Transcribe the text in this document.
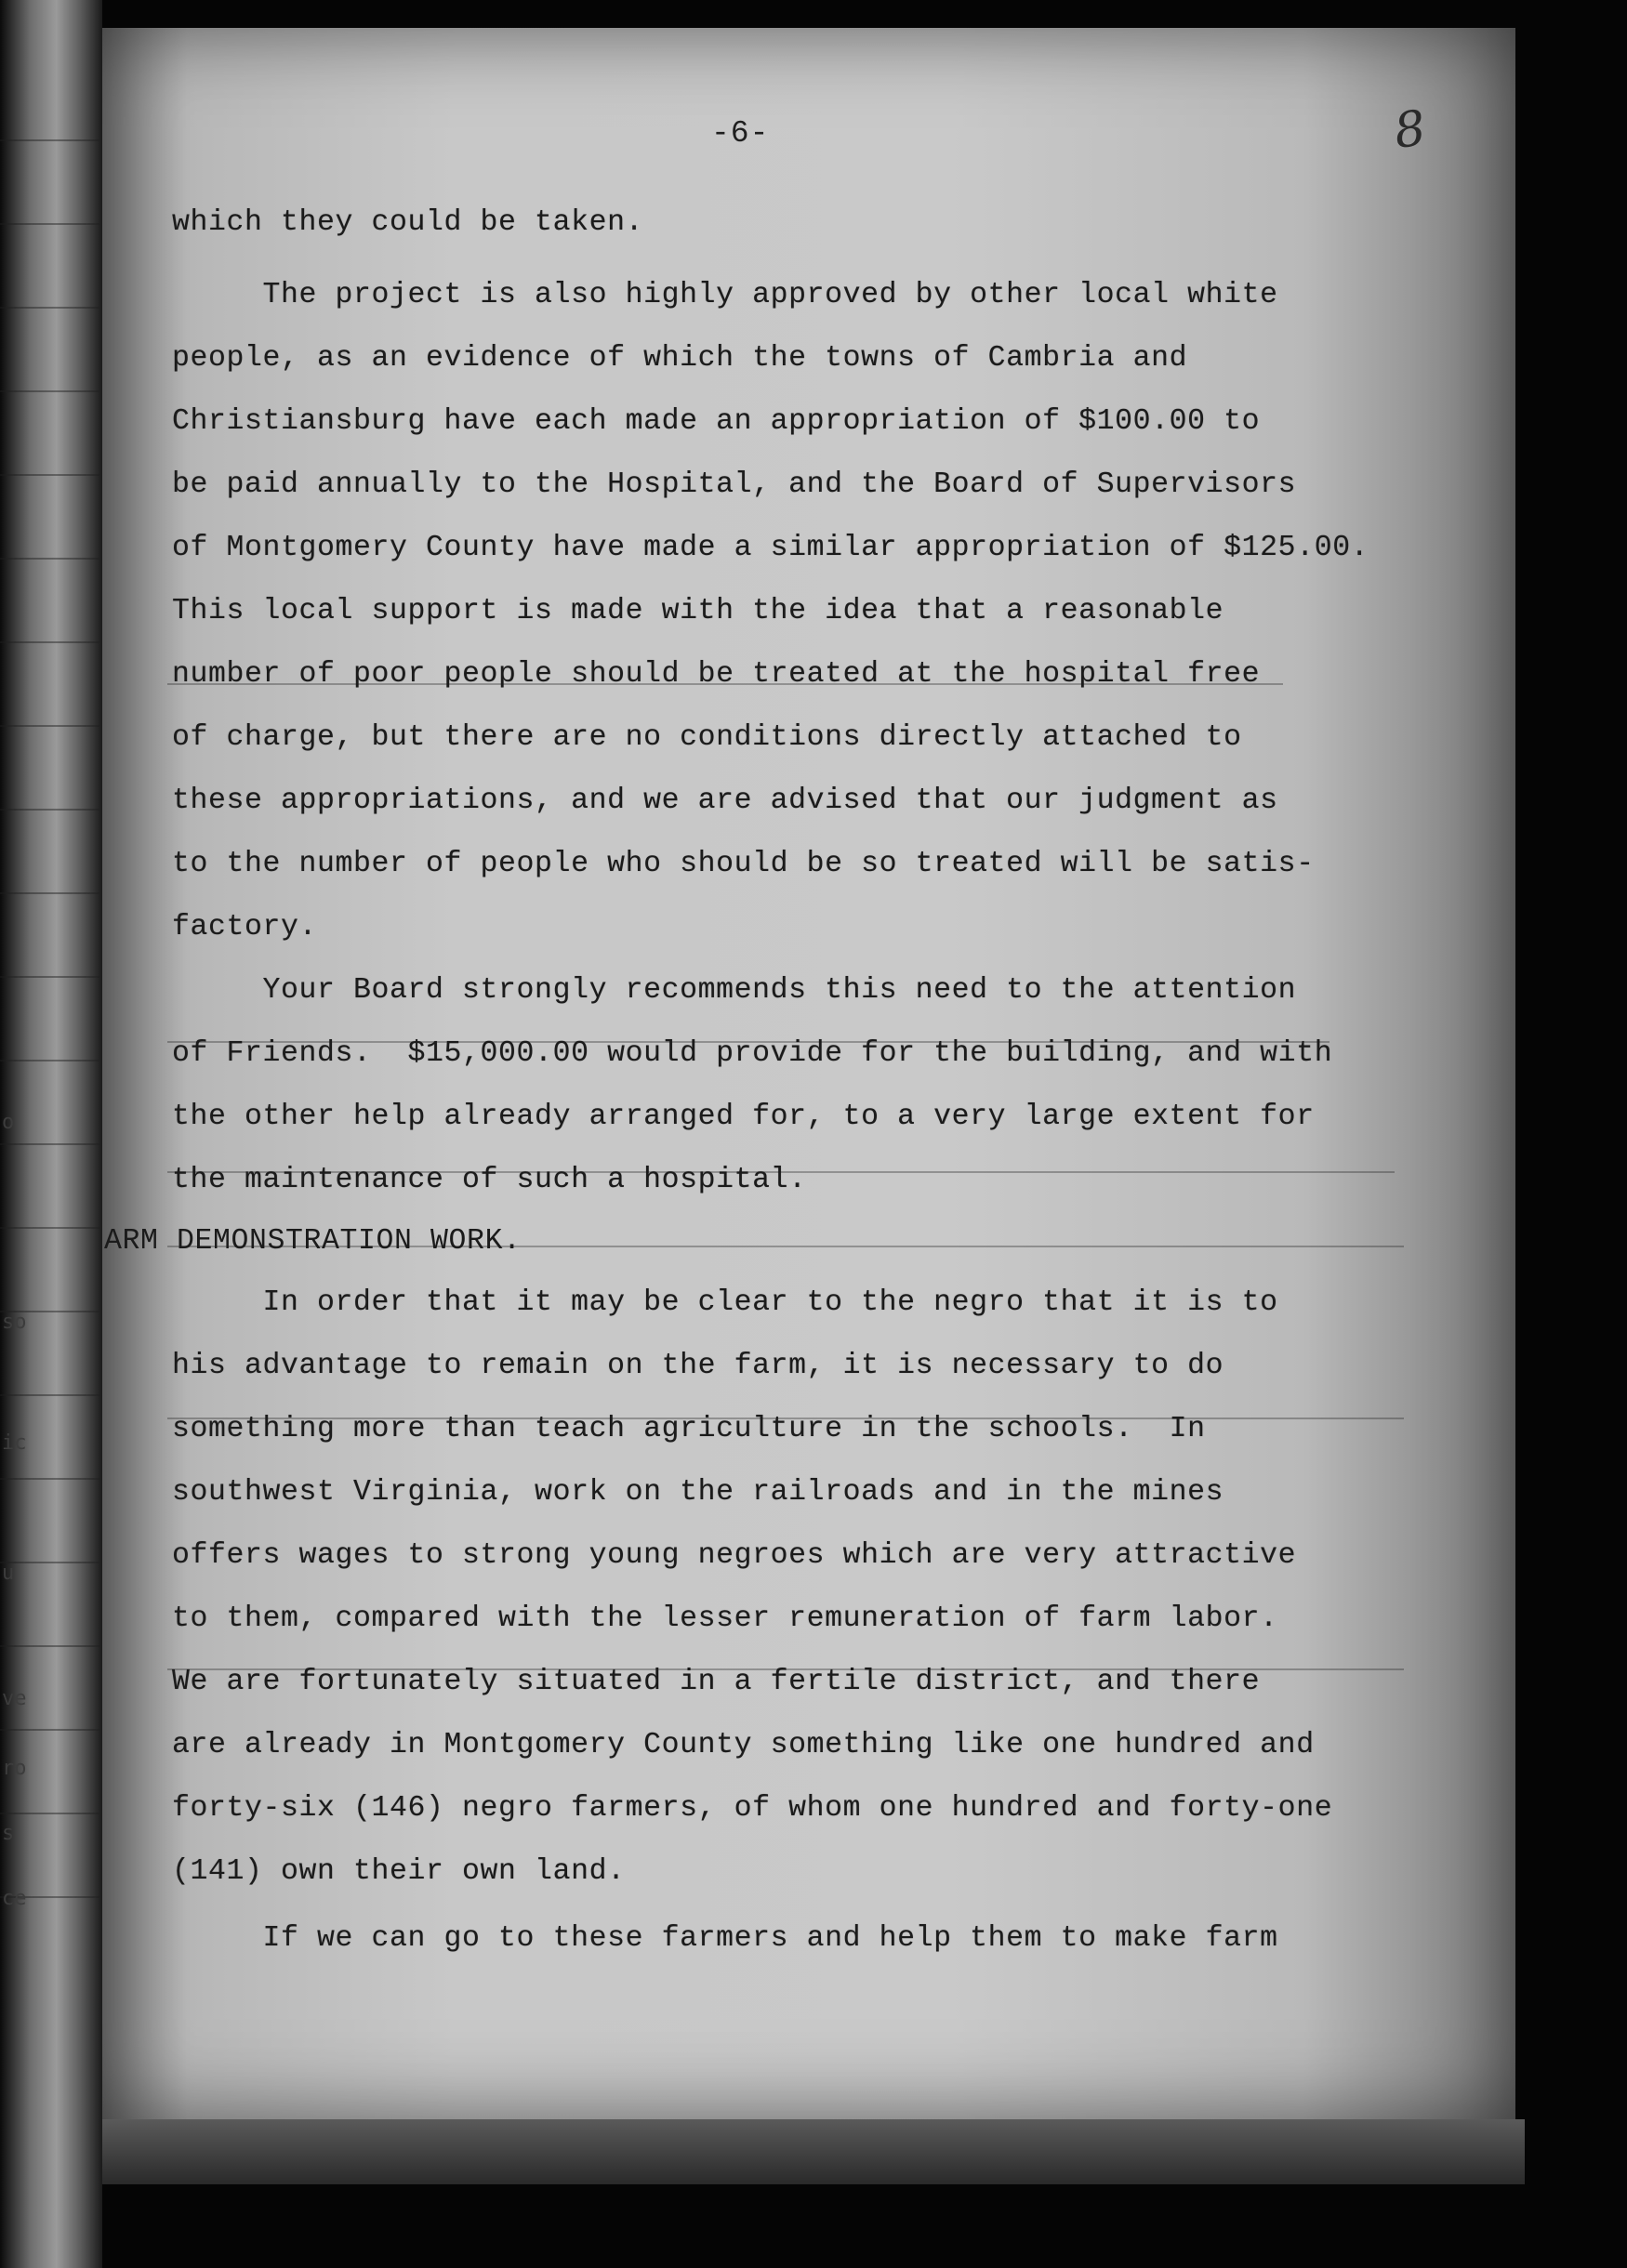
o
so
ic
u
ve
ro
s
ce
-6-	8
which they could be taken.
The project is also highly approved by other local white
people, as an evidence of which the towns of Cambria and
Christiansburg have each made an appropriation of $100.00 to
be paid annually to the Hospital, and the Board of Supervisors
of Montgomery County have made a similar appropriation of $125.00.
This local support is made with the idea that a reasonable
number of poor people should be treated at the hospital free
of charge, but there are no conditions directly attached to
these appropriations, and we are advised that our judgment as
to the number of people who should be so treated will be satis-
factory.
Your Board strongly recommends this need to the attention
of Friends.  $15,000.00 would provide for the building, and with
the other help already arranged for, to a very large extent for
the maintenance of such a hospital.
ARM DEMONSTRATION WORK.
In order that it may be clear to the negro that it is to
his advantage to remain on the farm, it is necessary to do
something more than teach agriculture in the schools.  In
southwest Virginia, work on the railroads and in the mines
offers wages to strong young negroes which are very attractive
to them, compared with the lesser remuneration of farm labor.
We are fortunately situated in a fertile district, and there
are already in Montgomery County something like one hundred and
forty-six (146) negro farmers, of whom one hundred and forty-one
(141) own their own land.
If we can go to these farmers and help them to make farm
